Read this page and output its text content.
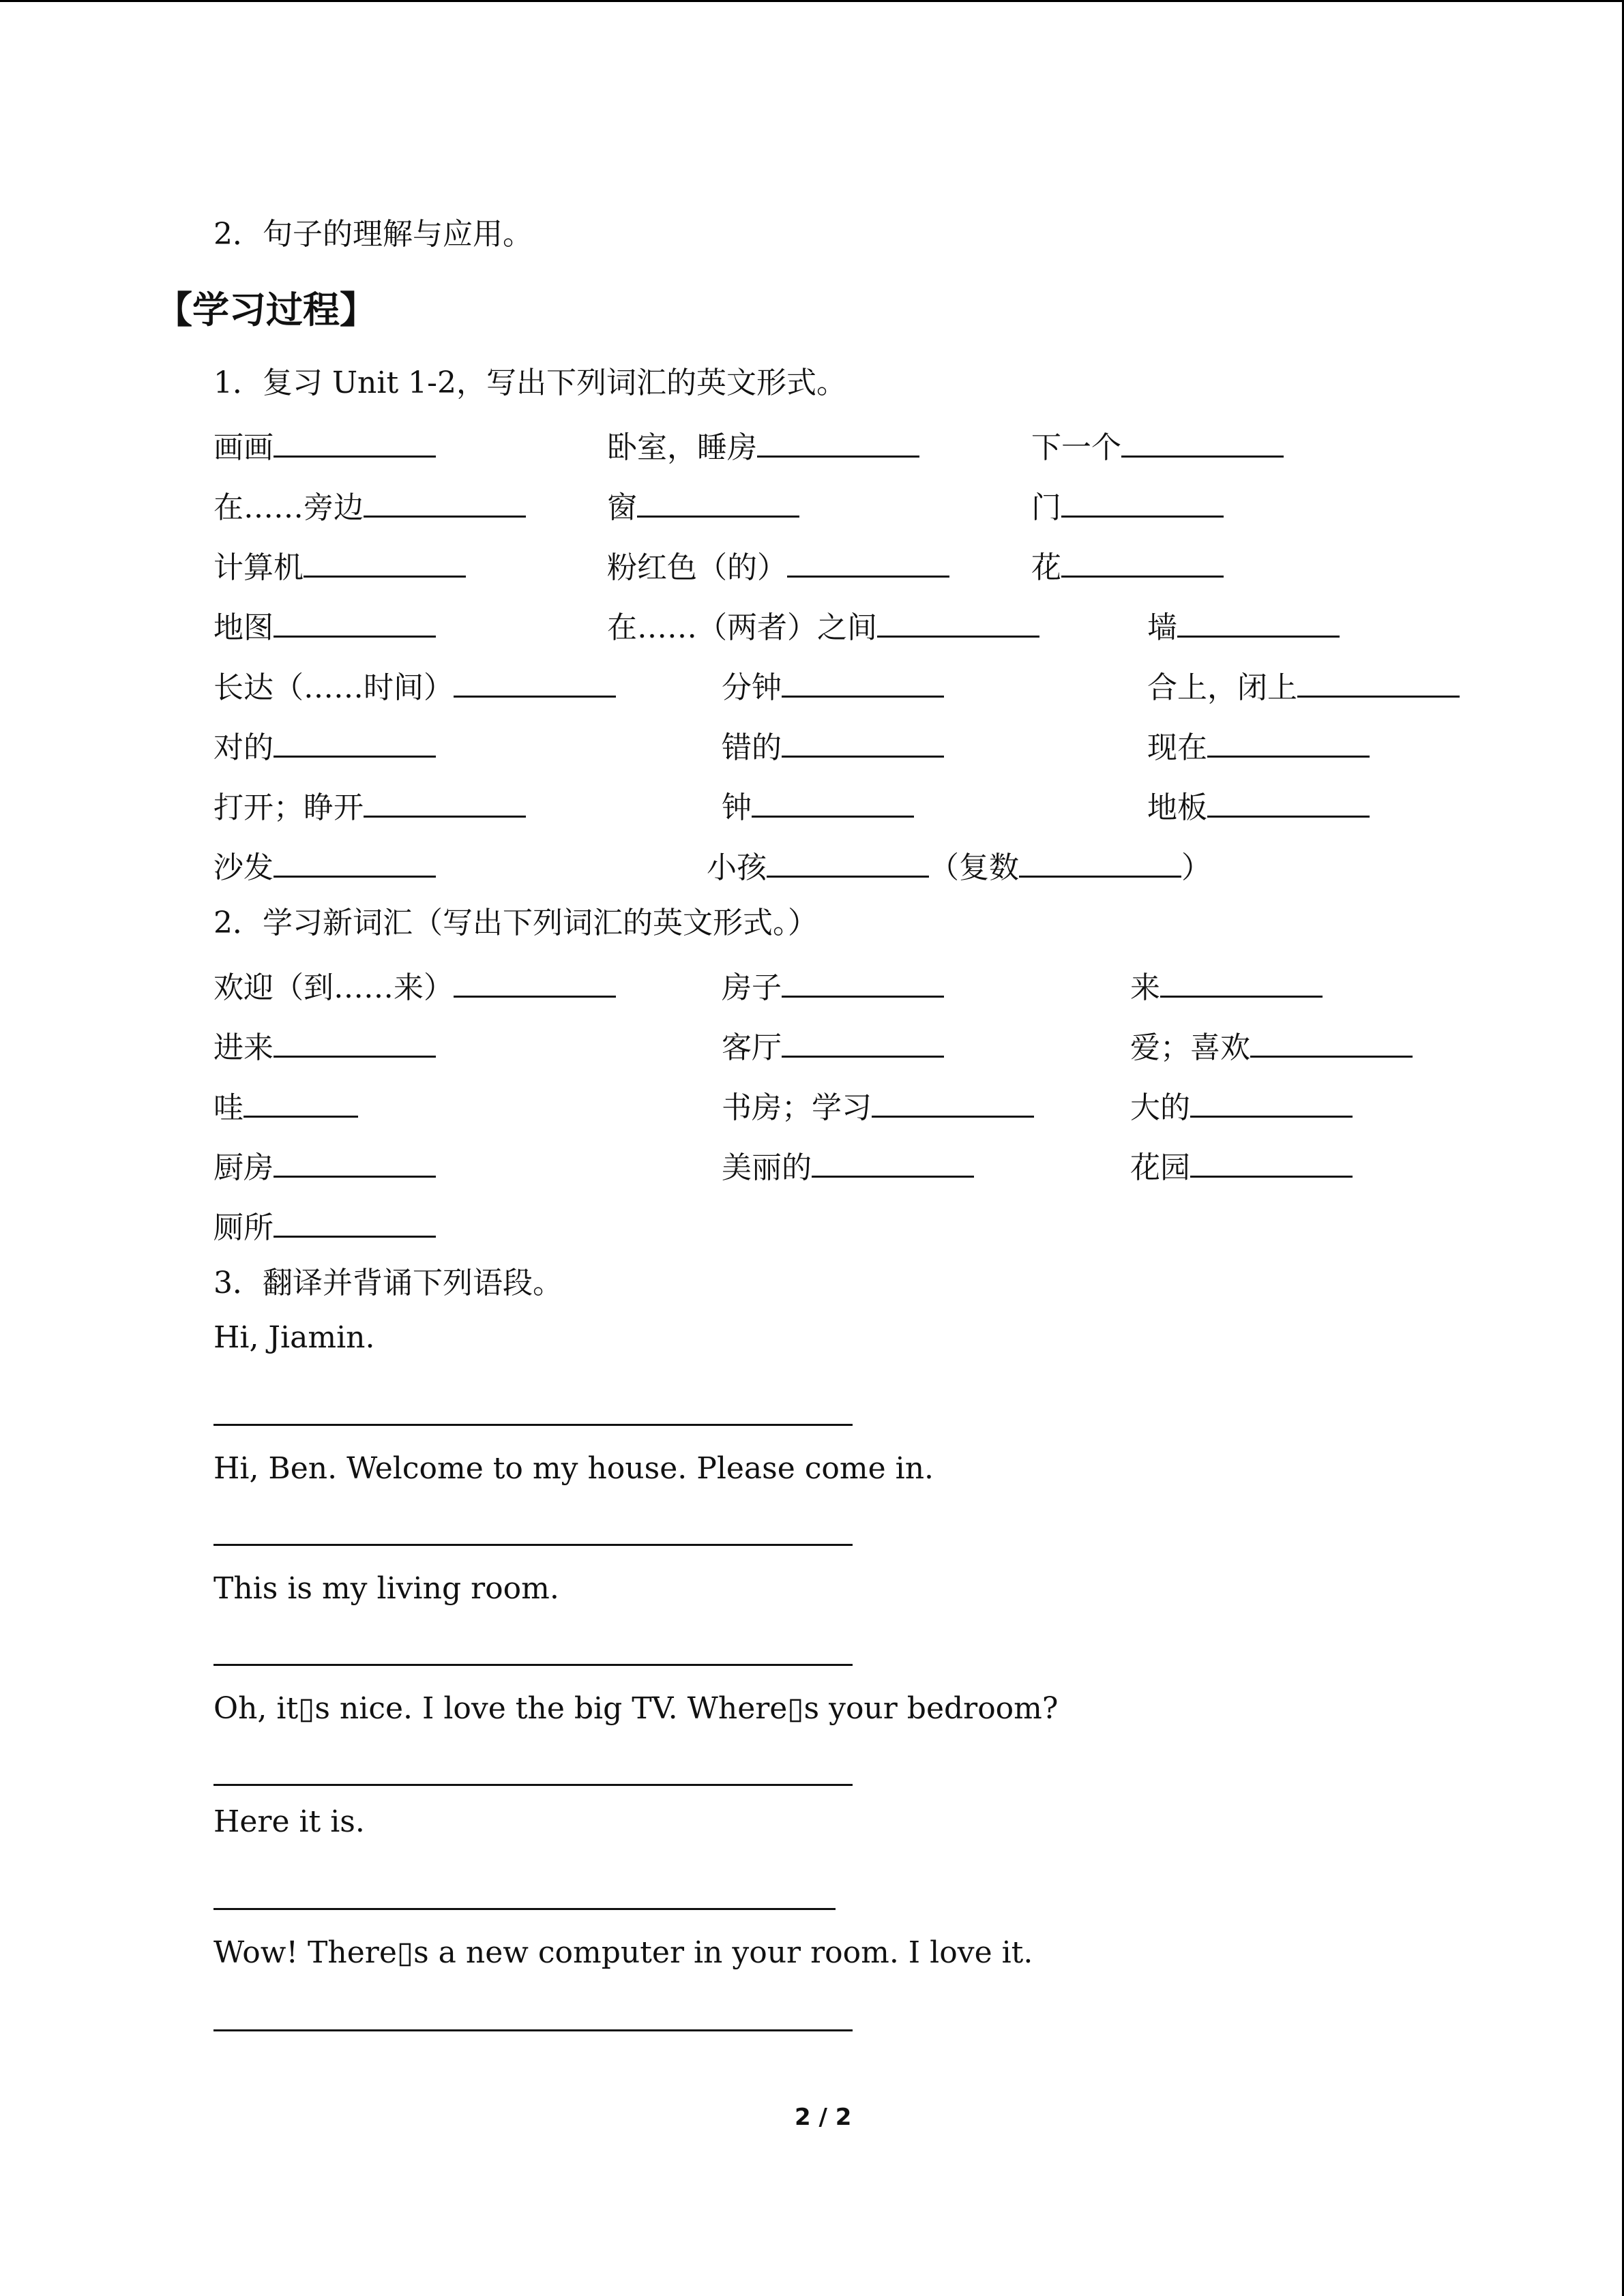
2．句子的理解与应用。
【学习过程】
1．复习 Unit 1-2，写出下列词汇的英文形式。
画画	卧室，睡房	下一个
在……旁边	窗	门
计算机	粉红色（的）	花
地图	在……（两者）之间	墙
长达（……时间）	分钟	合上，闭上
对的	错的	现在
打开；睁开	钟	地板
沙发	小孩	（复数	）
2．学习新词汇（写出下列词汇的英文形式。）
欢迎（到……来）	房子	来
进来	客厅	爱；喜欢
哇	书房；学习	大的
厨房	美丽的	花园
厕所
3．翻译并背诵下列语段。
Hi, Jiamin.
Hi, Ben. Welcome to my house. Please come in.
This is my living room.
Oh, it▯s nice. I love the big TV. Where▯s your bedroom?
Here it is.
Wow! There▯s a new computer in your room. I love it.
2 / 2
